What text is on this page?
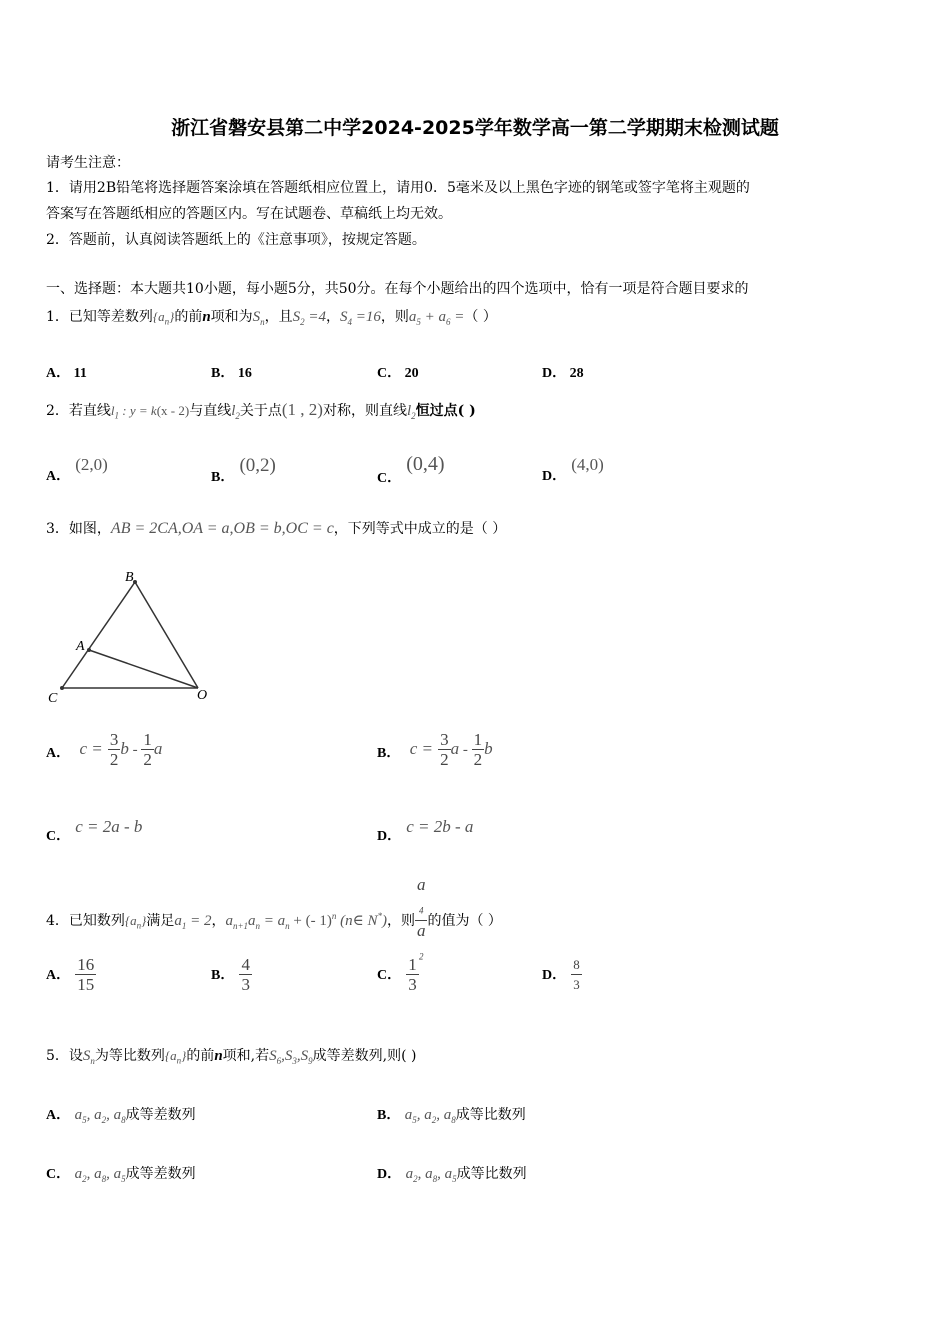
浙江省磐安县第二中学2024-2025学年数学高一第二学期期末检测试题
请考生注意：
1．请用2B铅笔将选择题答案涂填在答题纸相应位置上，请用0．5毫米及以上黑色字迹的钢笔或签字笔将主观题的
答案写在答题纸相应的答题区内。写在试题卷、草稿纸上均无效。
2．答题前，认真阅读答题纸上的《注意事项》，按规定答题。
一、选择题：本大题共10小题，每小题5分，共50分。在每个小题给出的四个选项中，恰有一项是符合题目要求的
1．已知等差数列$\{a_n\}$的前n项和为$S_n$，且$S_2 =4$，$S_4 =16$，则$a_5 + a_6$ =（ ）
A． 11	B． 16	C． 20	D． 28
2．若直线$l_1$ : y = k(x - 2)与直线$l_2$关于点(1 , 2)对称，则直线$l_2$恒过点( )
A． (2,0)
B． (0,2)
C． (0,4)
D． (4,0)
3．如图，AB = 2CA,OA = a,OB = b,OC = c，下列等式中成立的是（ ）
B
A
C	O
A． $c = \frac{3}{2}$ b - $\frac{1}{2}$ a	B． $c = \frac{3}{2}$ a - $\frac{1}{2}$ b
C． c = 2a - b
D． c = 2b - a
4．已知数列$\{a_n\}$满足$a_1 = 2$，$a_{n+1}a_n = a_n$ + (- 1)$^n$ (n∈ N*)，则 a
$_4$
a
$_2$ 的值为（ ）
A． $\frac{16}{15}$	B． $\frac{4}{3}$	C． $\frac{1}{3}$	D． $\frac{8}{3}$
5．设$S_n$为等比数列$\{a_n\}$的前n项和,若$S_6,S_3,S_9$成等差数列,则( )
A． $a_5$, $a_2$, $a_8$成等差数列	B． $a_5$, $a_2$, $a_8$成等比数列
C． $a_2$, $a_8$, $a_5$成等差数列	D． $a_2$, $a_8$, $a_5$成等比数列
